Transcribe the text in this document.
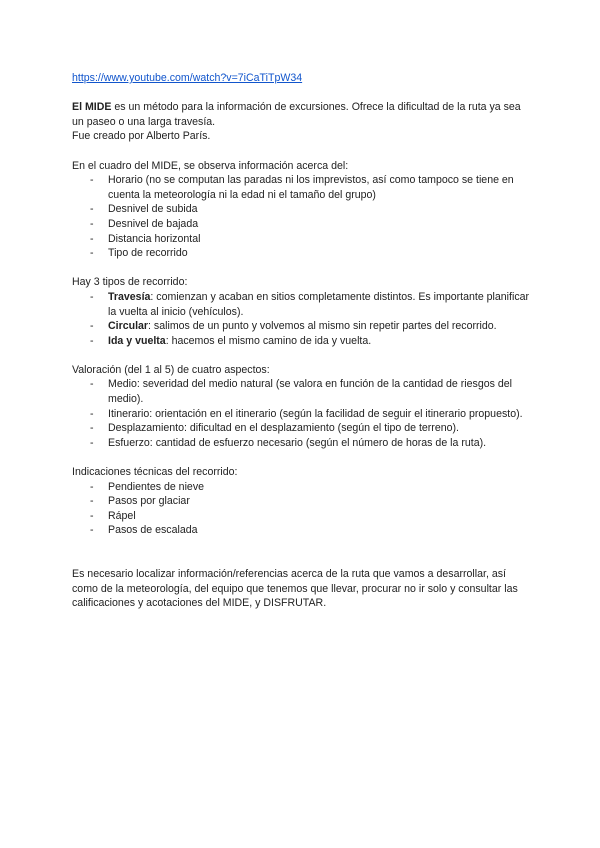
https://www.youtube.com/watch?v=7iCaTiTpW34

El MIDE es un método para la información de excursiones. Ofrece la dificultad de la ruta ya sea un paseo o una larga travesía.

Fue creado por Alberto París.

En el cuadro del MIDE, se observa información acerca del:

- Horario (no se computan las paradas ni los imprevistos, así como tampoco se tiene en cuenta la meteorología ni la edad ni el tamaño del grupo)
- Desnivel de subida
- Desnivel de bajada
- Distancia horizontal
- Tipo de recorrido

Hay 3 tipos de recorrido:

- Travesía: comienzan y acaban en sitios completamente distintos. Es importante planificar la vuelta al inicio (vehículos).
- Circular: salimos de un punto y volvemos al mismo sin repetir partes del recorrido.
- Ida y vuelta: hacemos el mismo camino de ida y vuelta.

Valoración (del 1 al 5) de cuatro aspectos:

- Medio: severidad del medio natural (se valora en función de la cantidad de riesgos del medio).
- Itinerario: orientación en el itinerario (según la facilidad de seguir el itinerario propuesto).
- Desplazamiento: dificultad en el desplazamiento (según el tipo de terreno).
- Esfuerzo: cantidad de esfuerzo necesario (según el número de horas de la ruta).

Indicaciones técnicas del recorrido:

- Pendientes de nieve
- Pasos por glaciar
- Rápel
- Pasos de escalada

Es necesario localizar información/referencias acerca de la ruta que vamos a desarrollar, así como de la meteorología, del equipo que tenemos que llevar, procurar no ir solo y consultar las calificaciones y acotaciones del MIDE, y DISFRUTAR.
